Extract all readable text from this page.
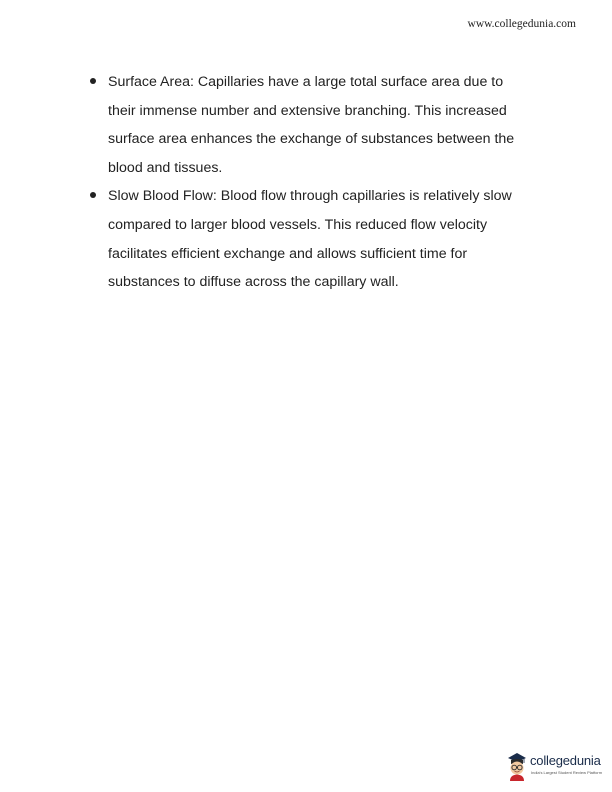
www.collegedunia.com
Surface Area: Capillaries have a large total surface area due to their immense number and extensive branching. This increased surface area enhances the exchange of substances between the blood and tissues.
Slow Blood Flow: Blood flow through capillaries is relatively slow compared to larger blood vessels. This reduced flow velocity facilitates efficient exchange and allows sufficient time for substances to diffuse across the capillary wall.
collegedunia
India's Largest Student Review Platform
